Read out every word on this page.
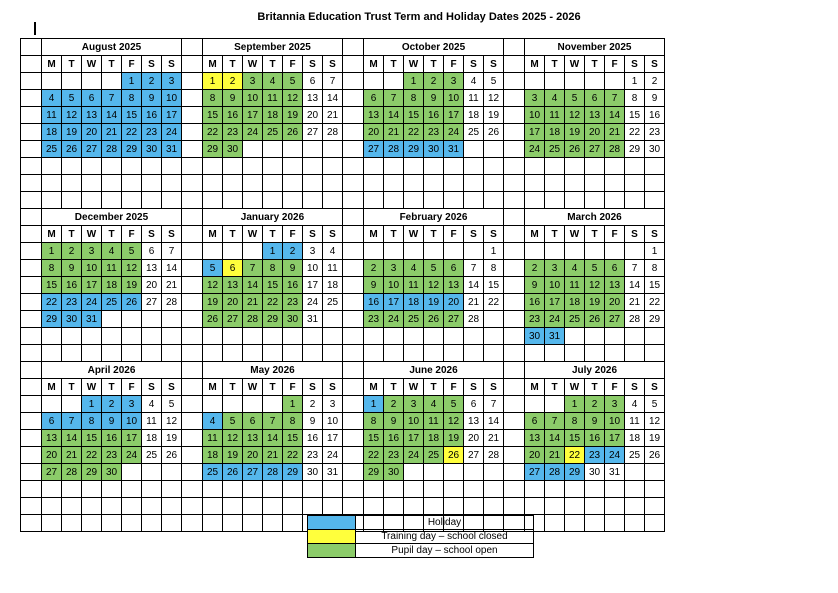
Britannia Education Trust Term and Holiday Dates 2025 - 2026
	August 2025								September 2025								October 2025								November 2025						
	M	T	W	T	F	S	S		M	T	W	T	F	S	S		M	T	W	T	F	S	S		M	T	W	T	F	S	S
					1	2	3		1	2	3	4	5	6	7				1	2	3	4	5							1	2
	4	5	6	7	8	9	10		8	9	10	11	12	13	14		6	7	8	9	10	11	12		3	4	5	6	7	8	9
	11	12	13	14	15	16	17		15	16	17	18	19	20	21		13	14	15	16	17	18	19		10	11	12	13	14	15	16
	18	19	20	21	22	23	24		22	23	24	25	26	27	28		20	21	22	23	24	25	26		17	18	19	20	21	22	23
	25	26	27	28	29	30	31		29	30							27	28	29	30	31				24	25	26	27	28	29	30

	December 2025								January 2026								February 2026								March 2026						
	M	T	W	T	F	S	S		M	T	W	T	F	S	S		M	T	W	T	F	S	S		M	T	W	T	F	S	S
	1	2	3	4	5	6	7					1	2	3	4								1								1
	8	9	10	11	12	13	14		5	6	7	8	9	10	11		2	3	4	5	6	7	8		2	3	4	5	6	7	8
	15	16	17	18	19	20	21		12	13	14	15	16	17	18		9	10	11	12	13	14	15		9	10	11	12	13	14	15
	22	23	24	25	26	27	28		19	20	21	22	23	24	25		16	17	18	19	20	21	22		16	17	18	19	20	21	22
	29	30	31						26	27	28	29	30	31			23	24	25	26	27	28			23	24	25	26	27	28	29
																									30	31					

	April 2026								May 2026								June 2026								July 2026						
	M	T	W	T	F	S	S		M	T	W	T	F	S	S		M	T	W	T	F	S	S		M	T	W	T	F	S	S
			1	2	3	4	5						1	2	3		1	2	3	4	5	6	7				1	2	3	4	5
	6	7	8	9	10	11	12		4	5	6	7	8	9	10		8	9	10	11	12	13	14		6	7	8	9	10	11	12
	13	14	15	16	17	18	19		11	12	13	14	15	16	17		15	16	17	18	19	20	21		13	14	15	16	17	18	19
	20	21	22	23	24	25	26		18	19	20	21	22	23	24		22	23	24	25	26	27	28		20	21	22	23	24	25	26
	27	28	29	30					25	26	27	28	29	30	31		29	30							27	28	29	30	31		

	Holiday
	Training day – school closed
	Pupil day – school open
